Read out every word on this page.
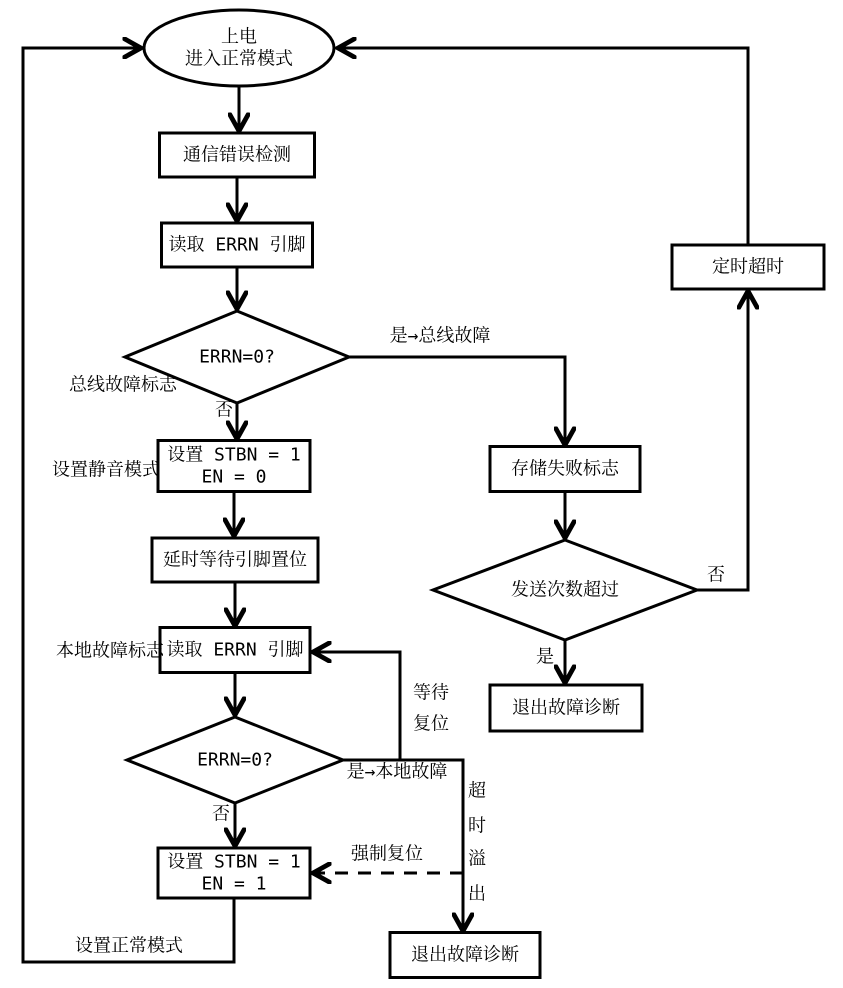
上电
进入正常模式
通信错误检测
读取 ERRN 引脚
ERRN=0?
设置 STBN = 1
EN = 0
延时等待引脚置位
读取 ERRN 引脚
ERRN=0?
设置 STBN = 1
EN = 1
定时超时
存储失败标志
发送次数超过
退出故障诊断
退出故障诊断
总线故障标志
否
是→总线故障
设置静音模式
本地故障标志
等待
复位
是→本地故障
否
否
是
超
时
溢
出
强制复位
设置正常模式
